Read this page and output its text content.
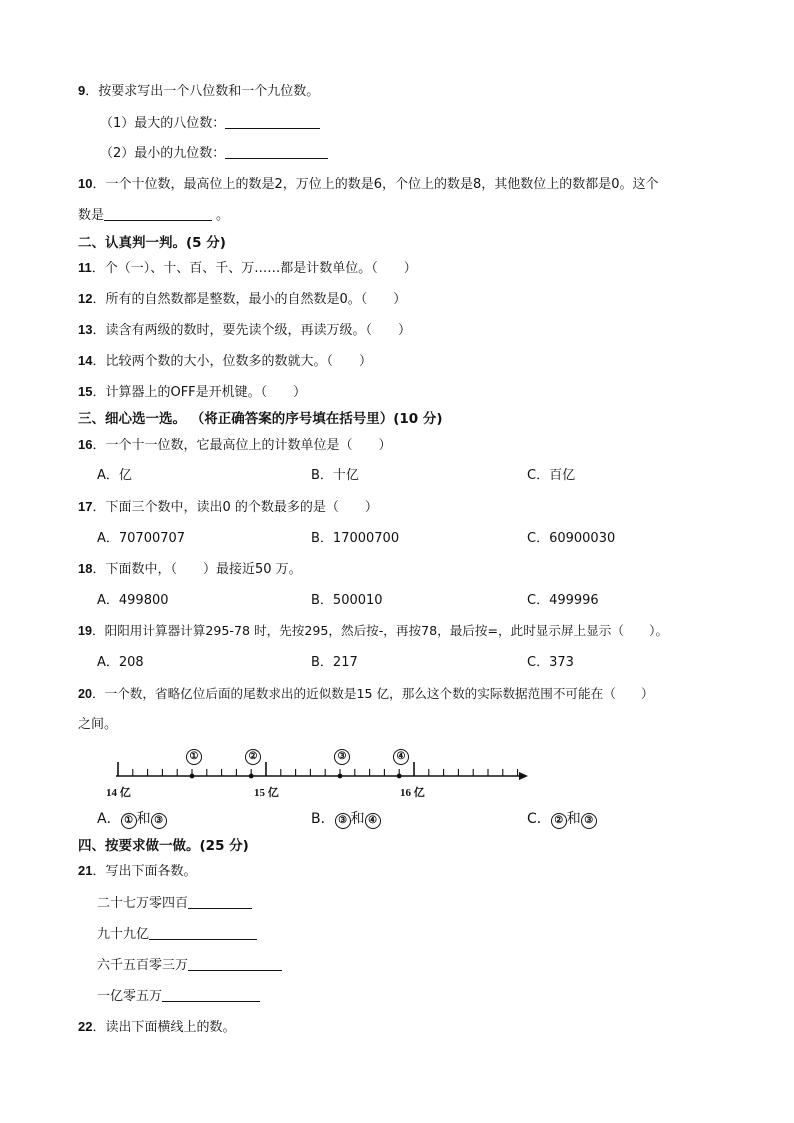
9．按要求写出一个八位数和一个九位数。
（1）最大的八位数：
（2）最小的九位数：
10．一个十位数，最高位上的数是2，万位上的数是6，个位上的数是8，其他数位上的数都是0。这个
数是	。
二、认真判一判。(5 分)
11．个（一）、十、百、千、万……都是计数单位。（　　）
12．所有的自然数都是整数，最小的自然数是0。（　　）
13．读含有两级的数时，要先读个级，再读万级。（　　）
14．比较两个数的大小，位数多的数就大。（　　）
15．计算器上的OFF是开机键。（　　）
三、细心选一选。 （将正确答案的序号填在括号里）(10 分)
16．一个十一位数，它最高位上的计数单位是（　　）
A．亿	B．十亿	C．百亿
17．下面三个数中，读出0 的个数最多的是（　　）
A．70700707	B．17000700	C．60900030
18．下面数中，（　　）最接近50 万。
A．499800	B．500010	C．499996
19．阳阳用计算器计算295-78 时，先按295，然后按-，再按78，最后按=，此时显示屏上显示（　　）。
A．208	B．217	C．373
20．一个数，省略亿位后面的尾数求出的近似数是15 亿，那么这个数的实际数据范围不可能在（　　）
之间。
14 亿	15 亿	16 亿
①	②	③	④
A． ① 和 ③	B． ③ 和 ④	C． ② 和 ③
四、按要求做一做。(25 分)
21．写出下面各数。
二十七万零四百
九十九亿
六千五百零三万
一亿零五万
22．读出下面横线上的数。
